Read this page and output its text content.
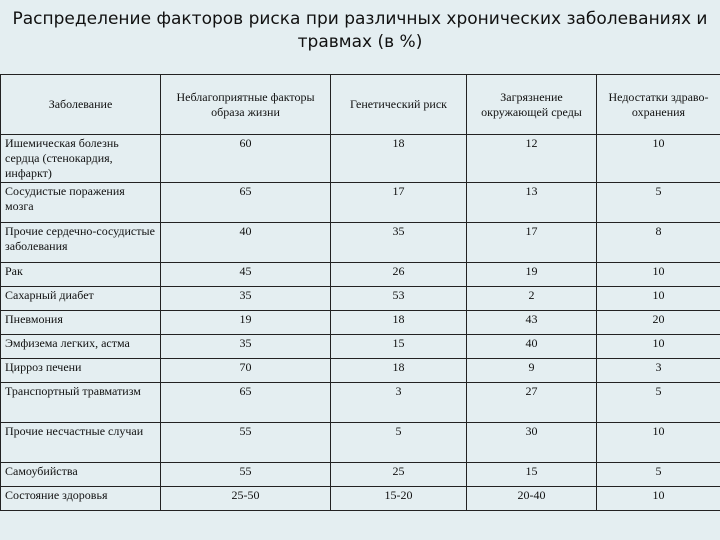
Распределение факторов риска при различных хронических заболеваниях и травмах (в %)
Заболевание	Неблагоприятные факторы образа жизни	Генетический риск	Загрязнение окружающей среды	Недостатки здраво-охранения
Ишемическая болезнь сердца (стенокардия, инфаркт)	60	18	12	10
Сосудистые поражения мозга	65	17	13	5
Прочие сердечно-сосудистые заболевания	40	35	17	8
Рак	45	26	19	10
Сахарный диабет	35	53	2	10
Пневмония	19	18	43	20
Эмфизема легких, астма	35	15	40	10
Цирроз печени	70	18	9	3
Транспортный травматизм	65	3	27	5
Прочие несчастные случаи	55	5	30	10
Самоубийства	55	25	15	5
Состояние здоровья	25-50	15-20	20-40	10
